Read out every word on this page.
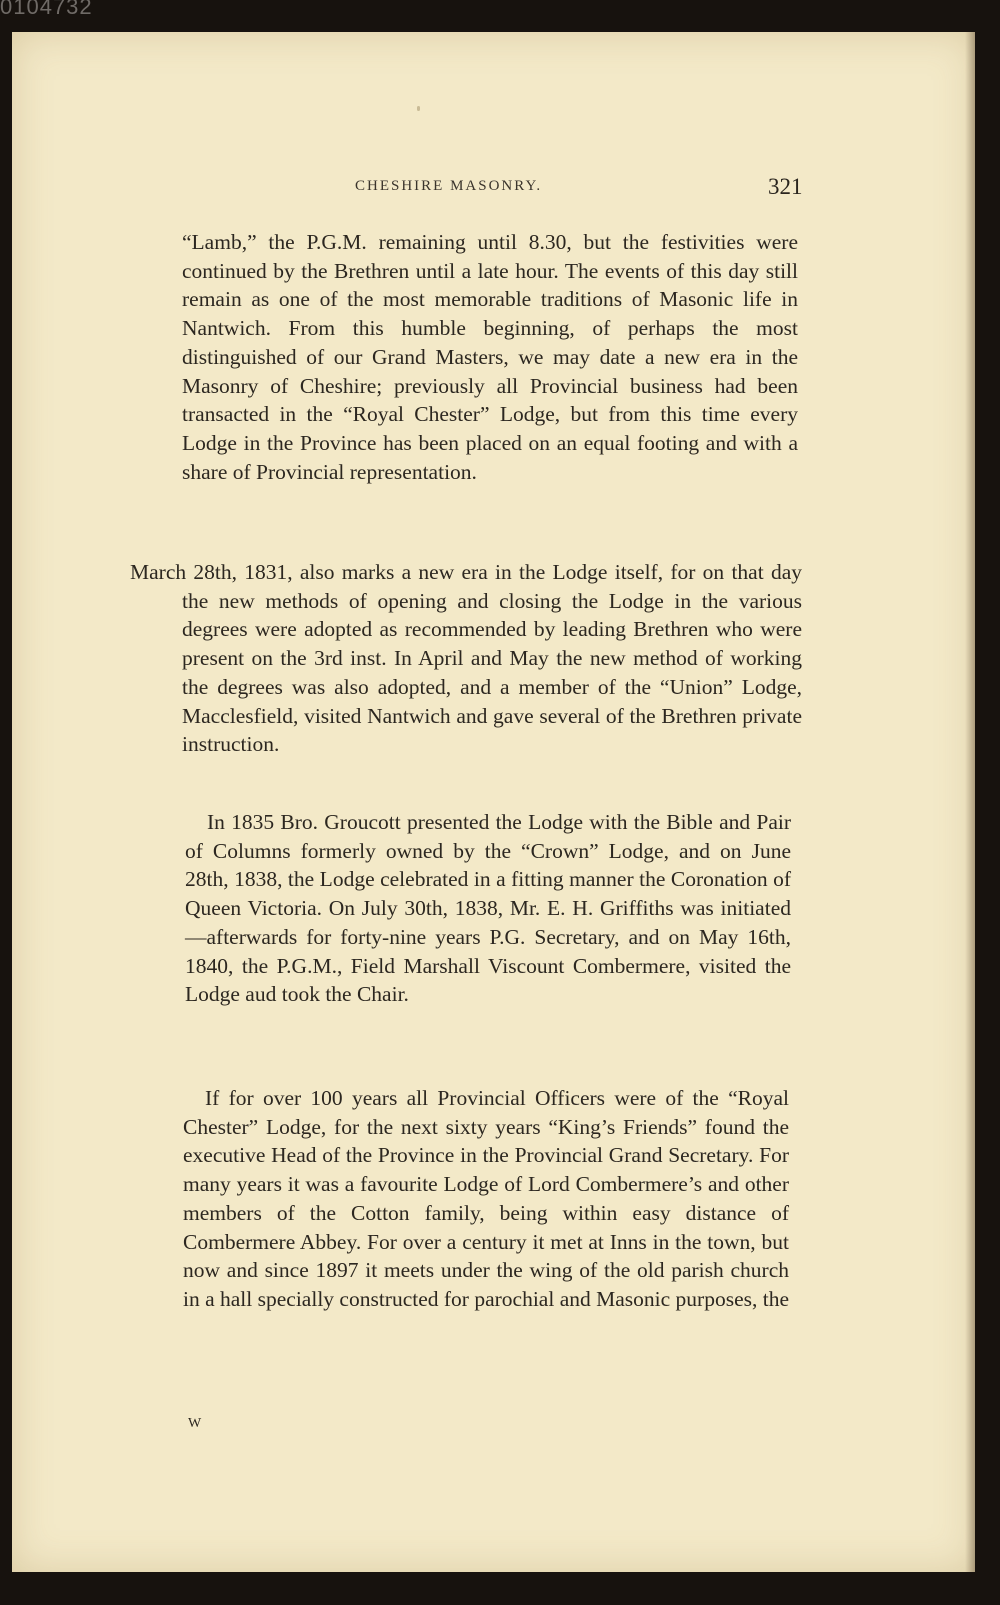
0104732
CHESHIRE MASONRY.	321

“Lamb,” the P.G.M. remaining until 8.30, but the festivities were continued by the Brethren until a late hour. The events of this day still remain as one of the most memorable traditions of Masonic life in Nantwich. From this humble beginning, of perhaps the most distinguished of our Grand Masters, we may date a new era in the Masonry of Cheshire; previously all Provincial business had been transacted in the “Royal Chester” Lodge, but from this time every Lodge in the Province has been placed on an equal footing and with a share of Provincial representation.

March 28th, 1831, also marks a new era in the Lodge itself, for on that day the new methods of opening and closing the Lodge in the various degrees were adopted as recommended by leading Brethren who were present on the 3rd inst. In April and May the new method of working the degrees was also adopted, and a member of the “Union” Lodge, Macclesfield, visited Nantwich and gave several of the Brethren private instruction.

In 1835 Bro. Groucott presented the Lodge with the Bible and Pair of Columns formerly owned by the “Crown” Lodge, and on June 28th, 1838, the Lodge celebrated in a fitting manner the Coronation of Queen Victoria. On July 30th, 1838, Mr. E. H. Griffiths was initiated—afterwards for forty-nine years P.G. Secretary, and on May 16th, 1840, the P.G.M., Field Marshall Viscount Combermere, visited the Lodge aud took the Chair.

If for over 100 years all Provincial Officers were of the “Royal Chester” Lodge, for the next sixty years “King’s Friends” found the executive Head of the Province in the Provincial Grand Secretary. For many years it was a favourite Lodge of Lord Combermere’s and other members of the Cotton family, being within easy distance of Combermere Abbey. For over a century it met at Inns in the town, but now and since 1897 it meets under the wing of the old parish church in a hall specially constructed for parochial and Masonic purposes, the

W
